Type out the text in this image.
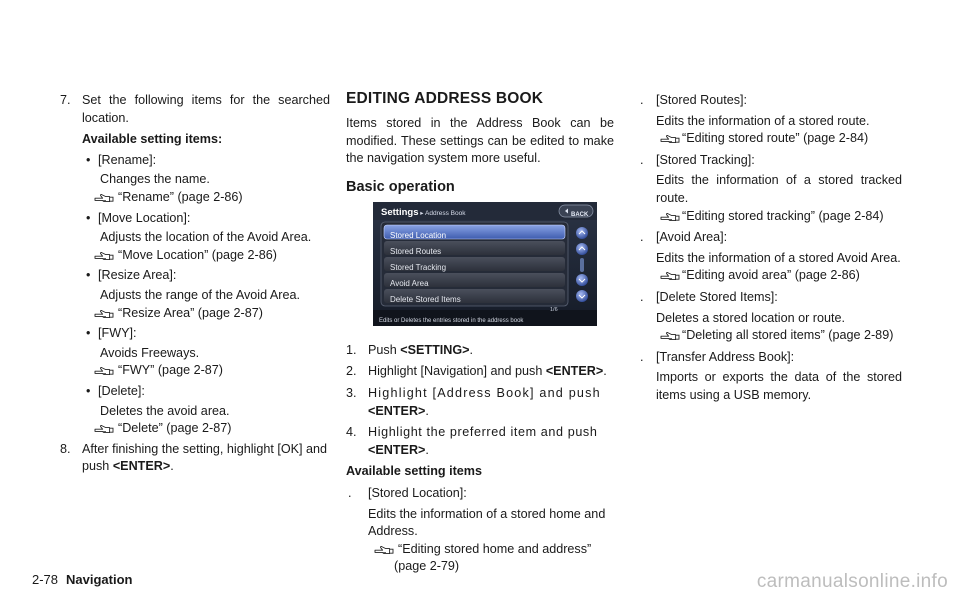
7. Set the following items for the searched location.

Available setting items:
• [Rename]:
Changes the name.
“Rename” (page 2-86)
• [Move Location]:
Adjusts the location of the Avoid Area.
“Move Location” (page 2-86)
• [Resize Area]:
Adjusts the range of the Avoid Area.
“Resize Area” (page 2-87)
• [FWY]:
Avoids Freeways.
“FWY” (page 2-87)
• [Delete]:
Deletes the avoid area.
“Delete” (page 2-87)
8. After finishing the setting, highlight [OK] and push <ENTER>.

EDITING ADDRESS BOOK

Items stored in the Address Book can be modified. These settings can be edited to make the navigation system more useful.

Basic operation
Settings ▸ Address Book	BACK
Stored Location
Stored Routes
Stored Tracking
Avoid Area
Delete Stored Items
1/6
Edits or Deletes the entries stored in the address book
1. Push <SETTING>.

2. Highlight [Navigation] and push <ENTER>.

3. Highlight [Address Book] and push
<ENTER>.

4. Highlight the preferred item and push
<ENTER>.

Available setting items
. [Stored Location]:
Edits the information of a stored home and Address.
“Editing stored home and address”
(page 2-79)
. [Stored Routes]:
Edits the information of a stored route.
“Editing stored route” (page 2-84)
. [Stored Tracking]:
Edits the information of a stored tracked route.
“Editing stored tracking” (page 2-84)
. [Avoid Area]:
Edits the information of a stored Avoid Area.
“Editing avoid area” (page 2-86)
. [Delete Stored Items]:
Deletes a stored location or route.
“Deleting all stored items” (page 2-89)
. [Transfer Address Book]:
Imports or exports the data of the stored items using a USB memory.
2-78 Navigation	carmanualsonline.info
